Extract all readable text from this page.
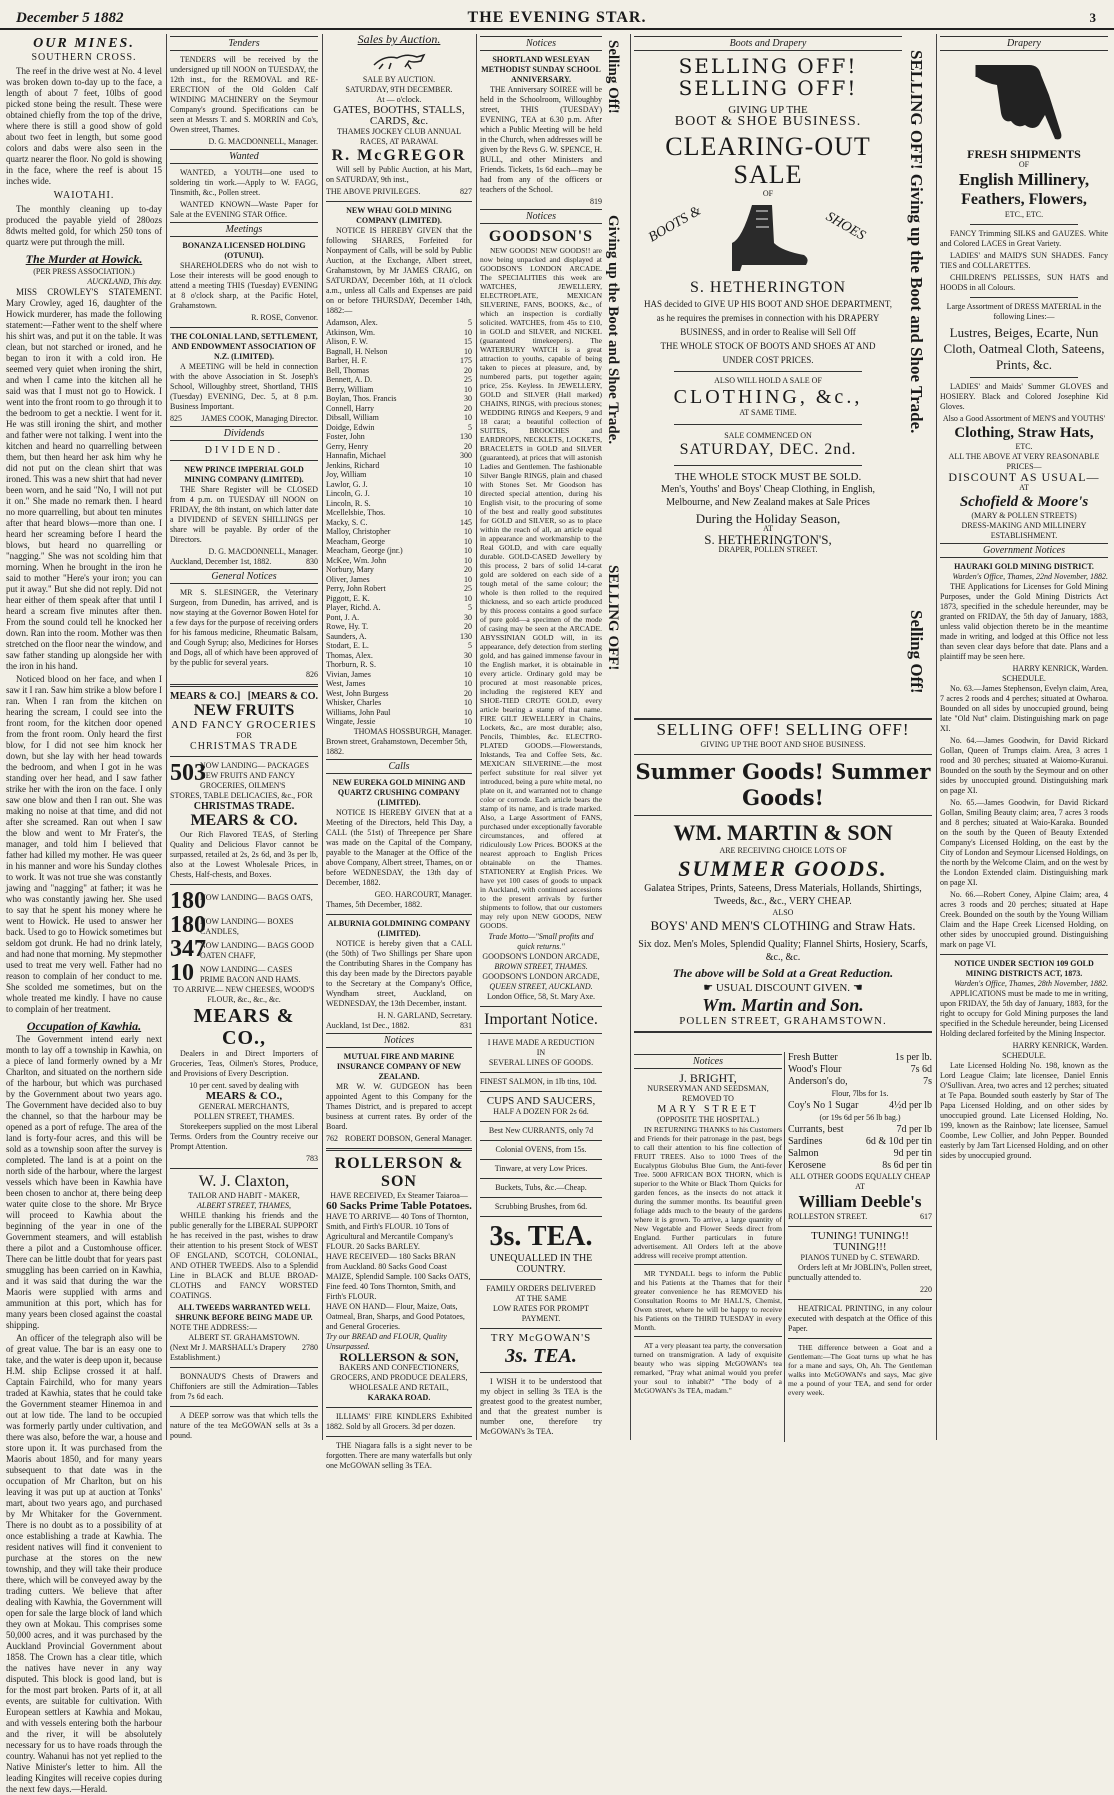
December 5 1882	THE EVENING STAR.	3
OUR MINES.
SOUTHERN CROSS.
The reef in the drive west at No. 4 level was broken down to-day up to the face, a length of about 7 feet, 10lbs of good picked stone being the result. These were obtained chiefly from the top of the drive, where there is still a good show of gold about two feet in length, but some good colors and dabs were also seen in the quartz nearer the floor. No gold is showing in the face, where the reef is about 15 inches wide.
WAIOTAHI.
The monthly cleaning up to-day produced the payable yield of 280ozs 8dwts melted gold, for which 250 tons of quartz were put through the mill.
The Murder at Howick.
(PER PRESS ASSOCIATION.)
AUCKLAND, This day.
MISS CROWLEY'S STATEMENT. Mary Crowley, aged 16, daughter of the Howick murderer, has made the following statement:—Father went to the shelf where his shirt was, and put it on the table. It was clean, but not starched or ironed, and he began to iron it with a cold iron. He seemed very quiet when ironing the shirt, and when I came into the kitchen all he said was that I must not go to Howick. I went into the front room to go through it to the bedroom to get a necktie. I went for it. He was still ironing the shirt, and mother and father were not talking. I went into the kitchen and heard no quarrelling between them, but then heard her ask him why he did not put on the clean shirt that was ironed. This was a new shirt that had never been worn, and he said "No, I will not put it on." She made no remark then. I heard no more quarrelling, but about ten minutes after that heard blows—more than one. I heard her screaming before I heard the blows, but heard no quarrelling or "nagging." She was not scolding him that morning. When he brought in the iron he said to mother "Here's your iron; you can put it away." But she did not reply. Did not hear either of them speak after that until I heard a scream five minutes after then. From the sound could tell he knocked her down. Ran into the room. Mother was then stretched on the floor near the window, and saw father standing up alongside her with the iron in his hand.
Noticed blood on her face, and when I saw it I ran. Saw him strike a blow before I ran. When I ran from the kitchen on hearing the scream, I could see into the front room, for the kitchen door opened from the front room. Only heard the first blow, for I did not see him knock her down, but she lay with her head towards the bedroom, and when I got in he was standing over her head, and I saw father strike her with the iron on the face. I only saw one blow and then I ran out. She was making no noise at that time, and did not after she screamed. Ran out when I saw the blow and went to Mr Frater's, the manager, and told him I believed that father had killed my mother. He was queer in his manner and wore his Sunday clothes to work. It was not true she was constantly jawing and "nagging" at father; it was he who was constantly jawing her. She used to say that he spent his money where he went to Howick. He used to answer her back. Used to go to Howick sometimes but seldom got drunk. He had no drink lately, and had none that morning. My stepmother used to treat me very well. Father had no reason to complain of her conduct to me. She scolded me sometimes, but on the whole treated me kindly. I have no cause to complain of her treatment.
Occupation of Kawhia.
The Government intend early next month to lay off a township in Kawhia, on a piece of land formerly owned by a Mr Charlton, and situated on the northern side of the harbour, but which was purchased by the Government about two years ago. The Government have decided also to buy the channel, so that the harbour may be opened as a port of refuge. The area of the land is forty-four acres, and this will be sold as a township soon after the survey is completed. The land is at a point on the north side of the harbour, where the largest vessels which have been in Kawhia have been chosen to anchor at, there being deep water quite close to the shore. Mr Bryce will proceed to Kawhia about the beginning of the year in one of the Government steamers, and will establish there a pilot and a Customhouse officer. There can be little doubt that for years past smuggling has been carried on in Kawhia, and it was said that during the war the Maoris were supplied with arms and ammunition at this port, which has for many years been closed against the coastal shipping.
An officer of the telegraph also will be of great value. The bar is an easy one to take, and the water is deep upon it, because H.M. ship Eclipse crossed it at half. Captain Fairchild, who for many years traded at Kawhia, states that he could take the Government steamer Hinemoa in and out at low tide. The land to be occupied was formerly partly under cultivation, and there was also, before the war, a house and store upon it. It was purchased from the Maoris about 1850, and for many years subsequent to that date was in the occupation of Mr Charlton, but on his leaving it was put up at auction at Tonks' mart, about two years ago, and purchased by Mr Whitaker for the Government. There is no doubt as to a possibility of at once establishing a trade at Kawhia. The resident natives will find it convenient to purchase at the stores on the new township, and they will take their produce there, which will be conveyed away by the trading cutters. We believe that after dealing with Kawhia, the Government will open for sale the large block of land which they own at Mokau. This comprises some 50,000 acres, and it was purchased by the Auckland Provincial Government about 1858. The Crown has a clear title, which the natives have never in any way disputed. This block is good land, but is for the most part broken. Parts of it, at all events, are suitable for cultivation. With European settlers at Kawhia and Mokau, and with vessels entering both the harbour and the river, it will be absolutely necessary for us to have roads through the country. Wahanui has not yet replied to the Native Minister's letter to him. All the leading Kingites will receive copies during the next few days.—Herald.
Tenders
TENDERS will be received by the undersigned up till NOON on TUESDAY, the 12th inst., for the REMOVAL and RE-ERECTION of the Old Golden Calf WINDING MACHINERY on the Seymour Company's ground. Specifications can be seen at Messrs T. and S. MORRIN and Co's, Owen street, Thames.
D. G. MACDONNELL, Manager.
Wanted
WANTED, a YOUTH—one used to soldering tin work.—Apply to W. FAGG, Tinsmith, &c., Pollen street.
WANTED KNOWN—Waste Paper for Sale at the EVENING STAR Office.
Meetings
BONANZA LICENSED HOLDING (OTUNUI).
SHAREHOLDERS who do not wish to Lose their interests will be good enough to attend a meeting THIS (Tuesday) EVENING at 8 o'clock sharp, at the Pacific Hotel, Grahamstown.
R. ROSE, Convenor.
THE COLONIAL LAND, SETTLEMENT, AND ENDOWMENT ASSOCIATION OF N.Z. (LIMITED).
A MEETING will be held in connection with the above Association in St. Joseph's School, Willoughby street, Shortland, THIS (Tuesday) EVENING, Dec. 5, at 8 p.m. Business Important.
825 JAMES COOK, Managing Director.
Dividends
DIVIDEND.
NEW PRINCE IMPERIAL GOLD MINING COMPANY (LIMITED).
THE Share Register will be CLOSED from 4 p.m. on TUESDAY till NOON on FRIDAY, the 8th instant, on which latter date a DIVIDEND of SEVEN SHILLINGS per share will be payable. By order of the Directors.
D. G. MACDONNELL, Manager.
Auckland, December 1st, 1882.	830
General Notices
MR S. SLESINGER, the Veterinary Surgeon, from Dunedin, has arrived, and is now staying at the Governor Bowen Hotel for a few days for the purpose of receiving orders for his famous medicine, Rheumatic Balsam, and Cough Syrup; also, Medicines for Horses and Dogs, all of which have been approved of by the public for several years.
826
MEARS & CO.] [MEARS & CO.
NEW FRUITS
AND FANCY GROCERIES
FOR
CHRISTMAS TRADE
503
NOW LANDING— PACKAGES NEW FRUITS AND FANCY GROCERIES, OILMEN'S STORES, TABLE DELICACIES, &c., FOR
CHRISTMAS TRADE.
MEARS & CO.
Our Rich Flavored TEAS, of Sterling Quality and Delicious Flavor cannot be surpassed, retailed at 2s, 2s 6d, and 3s per lb, also at the Lowest Wholesale Prices, in Chests, Half-chests, and Boxes.
180
NOW LANDING— BAGS OATS,
180
NOW LANDING— BOXES CANDLES,
347
NOW LANDING— BAGS GOOD OATEN CHAFF,
10 NOW LANDING— CASES PRIME BACON AND HAMS.
TO ARRIVE— NEW CHEESES, WOOD'S FLOUR, &c., &c., &c.
MEARS & CO.,
Dealers in and Direct Importers of Groceries, Teas, Oilmen's Stores, Produce, and Provisions of Every Description.
10 per cent. saved by dealing with
MEARS & CO.,
GENERAL MERCHANTS,
POLLEN STREET, THAMES.
Storekeepers supplied on the most Liberal Terms. Orders from the Country receive our Prompt Attention.
783
W. J. Claxton,
TAILOR AND HABIT - MAKER,
ALBERT STREET, THAMES,
WHILE thanking his friends and the public generally for the LIBERAL SUPPORT he has received in the past, wishes to draw their attention to his present Stock of WEST OF ENGLAND, SCOTCH, COLONIAL, AND OTHER TWEEDS. Also to a Splendid Line in BLACK and BLUE BROAD-CLOTHS and FANCY WORSTED COATINGS.
ALL TWEEDS WARRANTED WELL SHRUNK BEFORE BEING MADE UP.
NOTE THE ADDRESS:—
ALBERT ST. GRAHAMSTOWN.
(Next Mr J. MARSHALL's Drapery Establishment.)
2780
BONNAUD'S Chests of Drawers and Chiffoniers are still the Admiration—Tables from 7s 6d each.
A DEEP sorrow was that which tells the nature of the tea McGOWAN sells at 3s a pound.
Sales by Auction.
SALE BY AUCTION.
SATURDAY, 9TH DECEMBER.
At — o'clock.
GATES, BOOTHS, STALLS, CARDS, &c.
THAMES JOCKEY CLUB ANNUAL RACES, AT PARAWAI.
R. McGREGOR
Will sell by Public Auction, at his Mart, on SATURDAY, 9th inst.,
THE ABOVE PRIVILEGES.	827
NEW WHAU GOLD MINING COMPANY (LIMITED).
NOTICE IS HEREBY GIVEN that the following SHARES, Forfeited for Nonpayment of Calls, will be sold by Public Auction, at the Exchange, Albert street, Grahamstown, by Mr JAMES CRAIG, on SATURDAY, December 16th, at 11 o'clock a.m., unless all Calls and Expenses are paid on or before THURSDAY, December 14th, 1882:—
Adamson, Alex.	5
Atkinson, Wm.	10
Alison, F. W.	15
Bagnall, H. Nelson	10
Barber, H. F.	175
Bell, Thomas	20
Bennett, A. D.	25
Berry, William	10
Boylan, Thos. Francis	30
Connell, Harry	20
Dibsall, William	10
Doidge, Edwin	5
Foster, John	130
Gerry, Henry	20
Hannafin, Michael	300
Jenkins, Richard	10
Joy, William	10
Lawlor, G. J.	10
Lincoln, G. J.	10
Lincoln, R. S.	10
Mcellelsbie, Thos.	10
Macky, S. C.	145
Malloy, Christopher	10
Meacham, George	10
Meacham, George (jnr.)	10
McKee, Wm. John	10
Norbury, Mary	20
Oliver, James	10
Perry, John Robert	25
Piggott, E. K.	10
Player, Richd. A.	5
Pont, J. A.	30
Rowe, Hy. T.	20
Saunders, A.	130
Stodart, E. L.	5
Thomas, Alex.	30
Thorburn, R. S.	10
Vivian, James	10
West, James	10
West, John Burgess	20
Whisker, Charles	10
Williams, John Paul	10
Wingate, Jessie	10
THOMAS HOSSBURGH, Manager.
Brown street, Grahamstown, December 5th, 1882.
Calls
NEW EUREKA GOLD MINING AND QUARTZ CRUSHING COMPANY (LIMITED).
NOTICE IS HEREBY GIVEN that at a Meeting of the Directors, held This Day, a CALL (the 51st) of Threepence per Share was made on the Capital of the Company, payable to the Manager at the Office of the above Company, Albert street, Thames, on or before WEDNESDAY, the 13th day of December, 1882.
GEO. HARCOURT, Manager.
Thames, 5th December, 1882.
ALBURNIA GOLDMINING COMPANY (LIMITED).
NOTICE is hereby given that a CALL (the 50th) of Two Shillings per Share upon the Contributing Shares in the Company has this day been made by the Directors payable to the Secretary at the Company's Office, Wyndham street, Auckland, on WEDNESDAY, the 13th December, instant.
H. N. GARLAND, Secretary.
Auckland, 1st Dec., 1882.	831
Notices
MUTUAL FIRE AND MARINE INSURANCE COMPANY OF NEW ZEALAND.
MR W. W. GUDGEON has been appointed Agent to this Company for the Thames District, and is prepared to accept business at current rates. By order of the Board.
762 ROBERT DOBSON, General Manager.
ROLLERSON & SON
HAVE RECEIVED, Ex Steamer Taiaroa—
60 Sacks Prime Table Potatoes.
HAVE TO ARRIVE— 40 Tons of Thornton, Smith, and Firth's FLOUR. 10 Tons of Agricultural and Mercantile Company's FLOUR. 20 Sacks BARLEY.
HAVE RECEIVED— 180 Sacks BRAN from Auckland. 80 Sacks Good Coast MAIZE, Splendid Sample. 100 Sacks OATS, Fine feed. 40 Tons Thornton, Smith, and Firth's FLOUR.
HAVE ON HAND— Flour, Maize, Oats, Oatmeal, Bran, Sharps, and Good Potatoes, and General Groceries.
Try our BREAD and FLOUR, Quality Unsurpassed.
ROLLERSON & SON,
BAKERS AND CONFECTIONERS, GROCERS, AND PRODUCE DEALERS,
WHOLESALE AND RETAIL,
KARAKA ROAD.
ILLIAMS' FIRE KINDLERS Exhibited 1882. Sold by all Grocers. 3d per dozen.
THE Niagara falls is a sight never to be forgotten. There are many waterfalls but only one McGOWAN selling 3s TEA.
Notices
SHORTLAND WESLEYAN METHODIST SUNDAY SCHOOL ANNIVERSARY.
THE Anniversary SOIREE will be held in the Schoolroom, Willoughby street, THIS (TUESDAY) EVENING, TEA at 6.30 p.m. After which a Public Meeting will be held in the Church, when addresses will be given by the Revs G. W. SPENCE, H. BULL, and other Ministers and Friends. Tickets, 1s 6d each—may be had from any of the officers or teachers of the School.
819
Notices
GOODSON'S
NEW GOODS! NEW GOODS!! are now being unpacked and displayed at GOODSON'S LONDON ARCADE. The SPECIALITIES this week are WATCHES, JEWELLERY, ELECTROPLATE, MEXICAN SILVERINE, FANS, BOOKS, &c., of which an inspection is cordially solicited. WATCHES, from 45s to £10, in GOLD and SILVER, and NICKEL (guaranteed timekeepers). The WATERBURY WATCH is a great attraction to youths, capable of being taken to pieces at pleasure, and, by numbered parts, put together again; price, 25s. Keyless. In JEWELLERY, GOLD and SILVER (Hall marked) CHAINS, RINGS, with precious stones; WEDDING RINGS and Keepers, 9 and 18 carat; a beautiful collection of SUITES, BROOCHES and EARDROPS, NECKLETS, LOCKETS, BRACELETS in GOLD and SILVER (guaranteed), at prices that will astonish Ladies and Gentlemen. The fashionable Silver Bangle RINGS, plain and chased with Stones Set. Mr Goodson has directed special attention, during his English visit, to the procuring of some of the best and really good substitutes for GOLD and SILVER, so as to place within the reach of all, an article equal in appearance and workmanship to the Real GOLD, and with care equally durable. GOLD-CASED Jewellery by this process, 2 bars of solid 14-carat gold are soldered on each side of a tough metal of the same colour; the whole is then rolled to the required thickness, and so each article produced by this process contains a good surface of pure gold—a specimen of the mode of casing may be seen at the ARCADE. ABYSSINIAN GOLD will, in its appearance, defy detection from sterling gold, and has gained immense favour in the English market, it is obtainable in every article. Ordinary gold may be procured at most reasonable prices, including the registered KEY and SHOE-TIED CROTE GOLD, every article bearing a stamp of that name. FIRE GILT JEWELLERY in Chains, Lockets, &c., are most durable; also, Pencils, Thimbles, &c. ELECTRO-PLATED GOODS.—Flowerstands, Inkstands, Tea and Coffee Sets, &c. MEXICAN SILVERINE.—the most perfect substitute for real silver yet introduced, being a pure white metal, no plate on it, and warranted not to change color or corrode. Each article bears the stamp of its name, and is trade marked. Also, a Large Assortment of FANS, purchased under exceptionally favorable circumstances, and offered at ridiculously Low Prices. BOOKS at the nearest approach to English Prices obtainable on the Thames. STATIONERY at English Prices. We have yet 100 cases of goods to unpack in Auckland, with continued accessions to the present arrivals by further shipments to follow, that our customers may rely upon NEW GOODS, NEW GOODS.
Trade Motto—"Small profits and quick returns."
GOODSON'S LONDON ARCADE,
BROWN STREET, THAMES.
GOODSON'S LONDON ARCADE,
QUEEN STREET, AUCKLAND.
London Office, 58, St. Mary Axe.
Important Notice.
I HAVE MADE A REDUCTION
IN
SEVERAL LINES OF GOODS.
FINEST SALMON, in 1lb tins, 10d.
CUPS AND SAUCERS,
HALF A DOZEN FOR 2s 6d.
Best New CURRANTS, only 7d
Colonial OVENS, from 15s.
Tinware, at very Low Prices.
Buckets, Tubs, &c.—Cheap.
Scrubbing Brushes, from 6d.
3s. TEA.
UNEQUALLED IN THE COUNTRY.
FAMILY ORDERS DELIVERED
AT THE SAME
LOW RATES FOR PROMPT PAYMENT.
TRY McGOWAN'S
3s. TEA.
I WISH it to be understood that my object in selling 3s TEA is the greatest good to the greatest number, and that the greatest number is number one, therefore try McGOWAN's 3s TEA.
Selling Off!
Giving up the Boot and Shoe Trade.
SELLING OFF!
Boots and Drapery
SELLING OFF!
SELLING OFF!
GIVING UP THE
BOOT & SHOE BUSINESS.
CLEARING-OUT SALE
OF
BOOTS &	SHOES
S. HETHERINGTON
HAS decided to GIVE UP HIS BOOT AND SHOE DEPARTMENT, as he requires the premises in connection with his DRAPERY BUSINESS, and in order to Realise will Sell Off
THE WHOLE STOCK OF BOOTS AND SHOES AT AND UNDER COST PRICES.
ALSO WILL HOLD A SALE OF
CLOTHING, &c.,
AT SAME TIME.
SALE COMMENCED ON
SATURDAY, DEC. 2nd.
THE WHOLE STOCK MUST BE SOLD.
Men's, Youths' and Boys' Cheap Clothing, in English, Melbourne, and New Zealand makes at Sale Prices
During the Holiday Season,
AT
S. HETHERINGTON'S,
DRAPER, POLLEN STREET.
SELLING OFF! Giving up the Boot and Shoe Trade.
Selling Off!
SELLING OFF! SELLING OFF!
GIVING UP THE BOOT AND SHOE BUSINESS.
Summer Goods! Summer Goods!
WM. MARTIN & SON
ARE RECEIVING CHOICE LOTS OF
SUMMER GOODS.
Galatea Stripes, Prints, Sateens, Dress Materials, Hollands, Shirtings, Tweeds, &c., &c., VERY CHEAP.
ALSO
BOYS' AND MEN'S CLOTHING and Straw Hats.
Six doz. Men's Moles, Splendid Quality; Flannel Shirts, Hosiery, Scarfs, &c., &c.
The above will be Sold at a Great Reduction.
☛ USUAL DISCOUNT GIVEN. ☚
Wm. Martin and Son.
POLLEN STREET, GRAHAMSTOWN.
Notices
J. BRIGHT,
NURSERYMAN AND SEEDSMAN, REMOVED TO
MARY STREET
(OPPOSITE THE HOSPITAL.)
IN RETURNING THANKS to his Customers and Friends for their patronage in the past, begs to call their attention to his fine collection of FRUIT TREES. Also to 1000 Trees of the Eucalyptus Globulus Blue Gum, the Anti-fever Tree. 5000 AFRICAN BOX THORN, which is superior to the White or Black Thorn Quicks for garden fences, as the insects do not attack it during the summer months. Its beautiful green foliage adds much to the beauty of the gardens where it is grown. To arrive, a large quantity of New Vegetable and Flower Seeds direct from England. Further particulars in future advertisement. All Orders left at the above address will receive prompt attention.
MR TYNDALL begs to inform the Public and his Patients at the Thames that for their greater convenience he has REMOVED his Consultation Rooms to Mr HALL'S, Chemist, Owen street, where he will be happy to receive his Patients on the THIRD TUESDAY in every Month.
AT a very pleasant tea party, the conversation turned on transmigration. A lady of exquisite beauty who was sipping McGOWAN's tea remarked, "Pray what animal would you prefer your soul to inhabit?" "The body of a McGOWAN's 3s TEA, madam."
Fresh Butter	1s per lb.
Wood's Flour	7s 6d
Anderson's do,	7s
Flour, 7lbs for 1s.
Coy's No 1 Sugar	4½d per lb
(or 19s 6d per 56 lb bag.)
Currants, best	7d per lb
Sardines	6d & 10d per tin
Salmon	9d per tin
Kerosene	8s 6d per tin
ALL OTHER GOODS EQUALLY CHEAP
AT
William Deeble's
ROLLESTON STREET.	617
TUNING! TUNING!! TUNING!!!
PIANOS TUNED by C. STEWARD.
Orders left at Mr JOBLIN's, Pollen street, punctually attended to.
220
HEATRICAL PRINTING, in any colour executed with despatch at the Office of this Paper.
THE difference between a Goat and a Gentleman:—The Goat turns up what he has for a mane and says, Oh, Ah. The Gentleman walks into McGOWAN's and says, Mac give me a pound of your TEA, and send for order every week.
Drapery
FRESH SHIPMENTS
OF
English Millinery,
Feathers, Flowers,
ETC., ETC.
FANCY Trimming SILKS and GAUZES. White and Colored LACES in Great Variety.
LADIES' and MAID'S SUN SHADES. Fancy TIES and COLLARETTES.
CHILDREN'S PELISSES, SUN HATS and HOODS in all Colours.
Large Assortment of DRESS MATERIAL in the following Lines:—
Lustres, Beiges, Ecarte, Nun Cloth, Oatmeal Cloth, Sateens, Prints, &c.
LADIES' and Maids' Summer GLOVES and HOSIERY. Black and Colored Josephine Kid Gloves.
Also a Good Assortment of MEN'S and YOUTHS'
Clothing, Straw Hats,
ETC.
ALL THE ABOVE AT VERY REASONABLE PRICES—
DISCOUNT AS USUAL—
AT
Schofield & Moore's
(MARY & POLLEN STREETS)
DRESS-MAKING AND MILLINERY ESTABLISHMENT.
Government Notices
HAURAKI GOLD MINING DISTRICT.
Warden's Office, Thames, 22nd November, 1882.
THE Applications for Licenses for Gold Mining Purposes, under the Gold Mining Districts Act 1873, specified in the schedule hereunder, may be granted on FRIDAY, the 5th day of January, 1883, unless valid objection thereto be in the meantime made in writing, and lodged at this Office not less than seven clear days before that date. Plans and a plaintiff may be seen here.
HARRY KENRICK, Warden.
SCHEDULE.
No. 63.—James Stephenson, Evelyn claim, Area, 7 acres 2 roods and 4 perches; situated at Owharoa. Bounded on all sides by unoccupied ground, being late "Old Nut" claim. Distinguishing mark on page XI.
No. 64.—James Goodwin, for David Rickard Gollan, Queen of Trumps claim. Area, 3 acres 1 rood and 30 perches; situated at Waiomo-Kuranui. Bounded on the south by the Seymour and on other sides by unoccupied ground. Distinguishing mark on page XI.
No. 65.—James Goodwin, for David Rickard Gollan, Smiling Beauty claim; area, 7 acres 3 roods and 8 perches; situated at Waio-Karaka. Bounded on the south by the Queen of Beauty Extended Company's Licensed Holding, on the east by the City of London and Seymour Licensed Holdings, on the north by the Welcome Claim, and on the west by the London Extended claim. Distinguishing mark on page XI.
No. 66.—Robert Coney, Alpine Claim; area, 4 acres 3 roods and 20 perches; situated at Hape Creek. Bounded on the south by the Young William Claim and the Hape Creek Licensed Holding, on other sides by unoccupied ground. Distinguishing mark on page VI.
NOTICE UNDER SECTION 109 GOLD MINING DISTRICTS ACT, 1873.
Warden's Office, Thames, 28th November, 1882.
APPLICATIONS must be made to me in writing, upon FRIDAY, the 5th day of January, 1883, for the right to occupy for Gold Mining purposes the land specified in the Schedule hereunder, being Licensed Holding declared forfeited by the Mining Inspector.
HARRY KENRICK, Warden.
SCHEDULE.
Late Licensed Holding No. 198, known as the Lord League Claim; late licensee, Daniel Ennis O'Sullivan. Area, two acres and 12 perches; situated at Te Papa. Bounded south easterly by Star of The Papa Licensed Holding, and on other sides by unoccupied ground. Late Licensed Holding, No. 199, known as the Rainbow; late licensee, Samuel Coombe, Lew Collier, and John Pepper. Bounded easterly by Jam Tart Licensed Holding, and on other sides by unoccupied ground.
